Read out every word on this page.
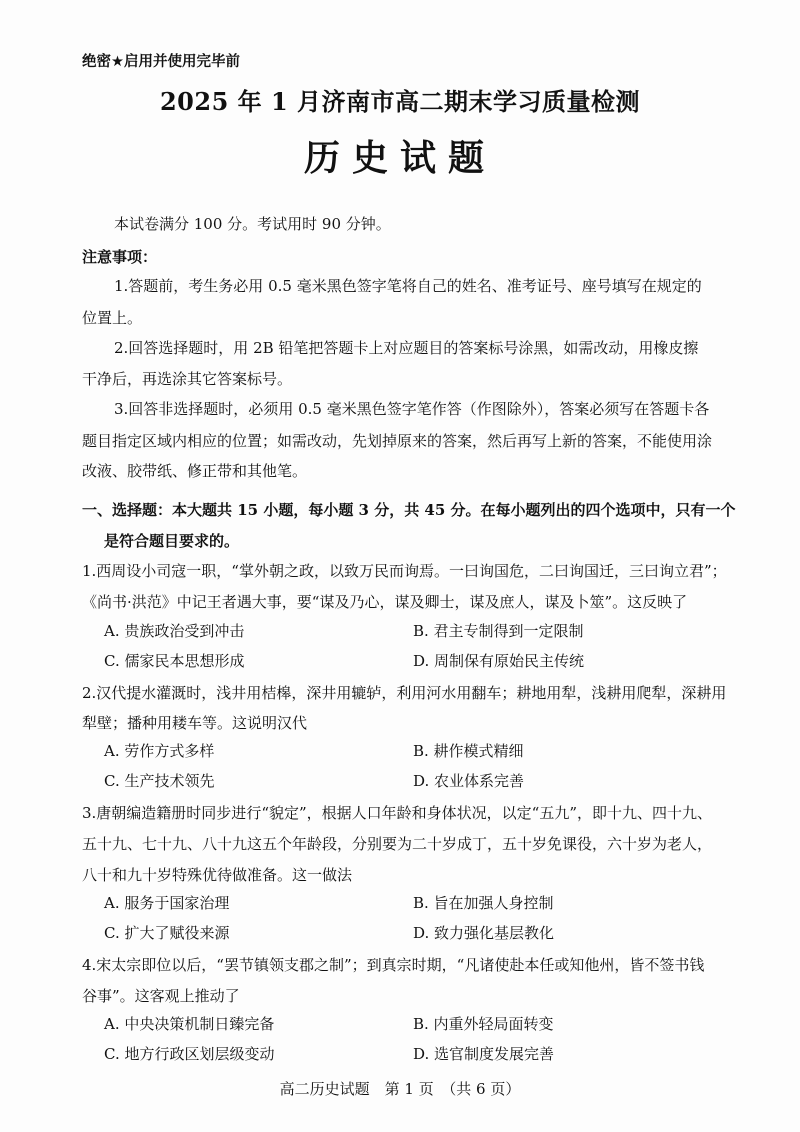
绝密★启用并使用完毕前
2025 年 1 月济南市高二期末学习质量检测
历史试题
本试卷满分 100 分。考试用时 90 分钟。
注意事项：
1.答题前，考生务必用 0.5 毫米黑色签字笔将自己的姓名、准考证号、座号填写在规定的
位置上。
2.回答选择题时，用 2B 铅笔把答题卡上对应题目的答案标号涂黑，如需改动，用橡皮擦
干净后，再选涂其它答案标号。
3.回答非选择题时，必须用 0.5 毫米黑色签字笔作答（作图除外），答案必须写在答题卡各
题目指定区域内相应的位置；如需改动，先划掉原来的答案，然后再写上新的答案，不能使用涂
改液、胶带纸、修正带和其他笔。
一、选择题：本大题共 15 小题，每小题 3 分，共 45 分。在每小题列出的四个选项中，只有一个
是符合题目要求的。
1.西周设小司寇一职，“掌外朝之政，以致万民而询焉。一曰询国危，二曰询国迁，三曰询立君”；
《尚书·洪范》中记王者遇大事，要“谋及乃心，谋及卿士，谋及庶人，谋及卜筮”。这反映了
A. 贵族政治受到冲击	B. 君主专制得到一定限制
C. 儒家民本思想形成	D. 周制保有原始民主传统
2.汉代提水灌溉时，浅井用桔槔，深井用辘轳，利用河水用翻车；耕地用犁，浅耕用爬犁，深耕用
犁壁；播种用耧车等。这说明汉代
A. 劳作方式多样	B. 耕作模式精细
C. 生产技术领先	D. 农业体系完善
3.唐朝编造籍册时同步进行“貌定”，根据人口年龄和身体状况，以定“五九”，即十九、四十九、
五十九、七十九、八十九这五个年龄段，分别要为二十岁成丁，五十岁免课役，六十岁为老人，
八十和九十岁特殊优待做准备。这一做法
A. 服务于国家治理	B. 旨在加强人身控制
C. 扩大了赋役来源	D. 致力强化基层教化
4.宋太宗即位以后，“罢节镇领支郡之制”；到真宗时期，“凡诸使赴本任或知他州，皆不签书钱
谷事”。这客观上推动了
A. 中央决策机制日臻完备	B. 内重外轻局面转变
C. 地方行政区划层级变动	D. 选官制度发展完善
高二历史试题　第 1 页　（共 6 页）
